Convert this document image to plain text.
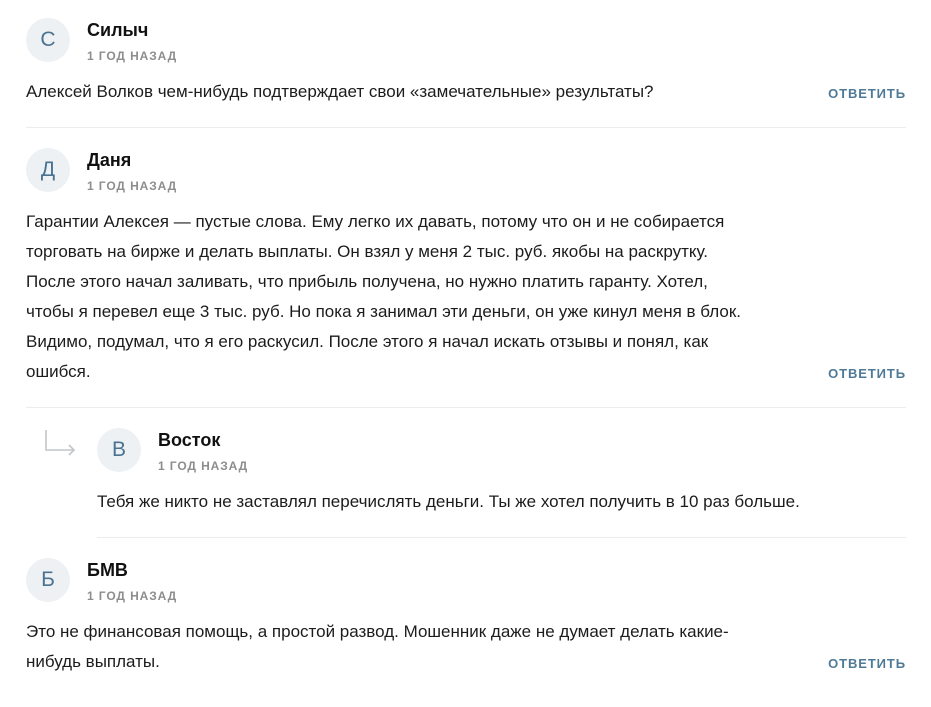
С	Силыч
1 ГОД НАЗАД
Алексей Волков чем-нибудь подтверждает свои «замечательные» результаты?	ОТВЕТИТЬ
Д	Даня
1 ГОД НАЗАД
Гарантии Алексея — пустые слова. Ему легко их давать, потому что он и не собирается
торговать на бирже и делать выплаты. Он взял у меня 2 тыс. руб. якобы на раскрутку.
После этого начал заливать, что прибыль получена, но нужно платить гаранту. Хотел,
чтобы я перевел еще 3 тыс. руб. Но пока я занимал эти деньги, он уже кинул меня в блок.
Видимо, подумал, что я его раскусил. После этого я начал искать отзывы и понял, как
ошибся.	ОТВЕТИТЬ
В	Восток
1 ГОД НАЗАД
Тебя же никто не заставлял перечислять деньги. Ты же хотел получить в 10 раз больше.
Б	БМВ
1 ГОД НАЗАД
Это не финансовая помощь, а простой развод. Мошенник даже не думает делать какие-
нибудь выплаты.	ОТВЕТИТЬ
